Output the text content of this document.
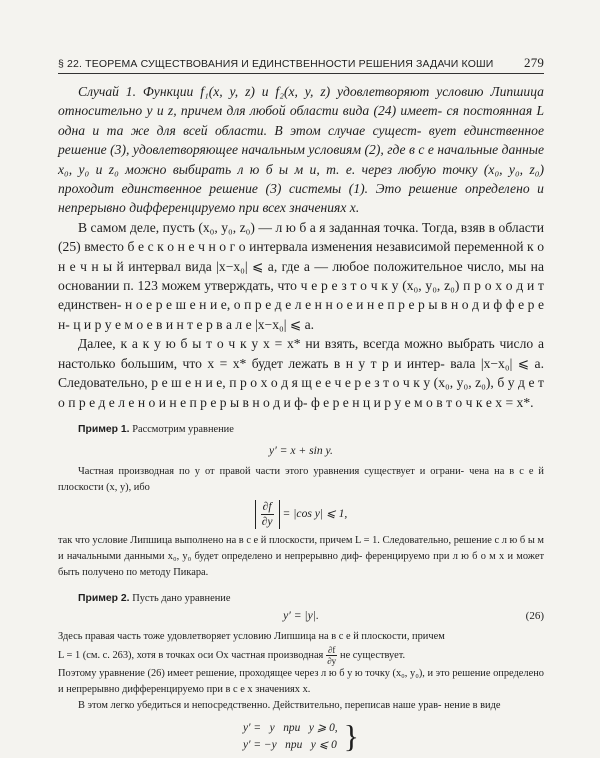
§ 22. ТЕОРЕМА СУЩЕСТВОВАНИЯ И ЕДИНСТВЕННОСТИ РЕШЕНИЯ ЗАДАЧИ КОШИ 279
Случай 1. Функции f₁(x, y, z) и f₂(x, y, z) удовлетворяют условию Липшица относительно y и z, причем для любой области вида (24) имеет- ся постоянная L одна и та же для всей области. В этом случае сущест- вует единственное решение (3), удовлетворяющее начальным условиям (2), где в с е начальные данные x₀, y₀ и z₀ можно выбирать л ю б ы м и, т. е. через любую точку (x₀, y₀, z₀) проходит единственное решение (3) системы (1). Это решение определено и непрерывно дифференцируемо при всех значениях x.
В самом деле, пусть (x₀, y₀, z₀) — л ю б а я заданная точка. Тогда, взяв в области (25) вместо б е с к о н е ч н о г о интервала изменения независимой переменной к о н е ч н ы й интервал вида |x−x₀| ⩽ a, где a — любое положительное число, мы на основании п. 123 можем утверждать, что ч е р е з т о ч к у (x₀, y₀, z₀) п р о х о д и т единствен- н о е р е ш е н и е, о п р е д е л е н н о е и н е п р е р ы в н о д и ф ф е р е н- ц и р у е м о е в и н т е р в а л е |x−x₀| ⩽ a.
Далее, к а к у ю б ы т о ч к у x = x* ни взять, всегда можно выбрать число a настолько большим, что x = x* будет лежать в н у т р и интер- вала |x−x₀| ⩽ a. Следовательно, р е ш е н и е, п р о х о д я щ е е ч е р е з т о ч к у (x₀, y₀, z₀), б у д е т о п р е д е л е н о и н е п р е р ы в н о д и ф- ф е р е н ц и р у е м о в т о ч к е x = x*.

Пример 1. Рассмотрим уравнение

y′ = x + sin y.

Частная производная по y от правой части этого уравнения существует и ограни- чена на в с е й плоскости (x, y), ибо

$\frac{\partial f}{\partial y} = |\cos$ y| ⩽ 1,

так что условие Липшица выполнено на в с е й плоскости, причем L = 1. Следовательно, решение с л ю б ы м и начальными данными x₀, y₀ будет определено и непрерывно диф- ференцируемо при л ю б о м x и может быть получено по методу Пикара.

Пример 2. Пусть дано уравнение

y′ = |y|.	(26)

Здесь правая часть тоже удовлетворяет условию Липшица на в с е й плоскости, причем

L = 1 (см. с. 263), хотя в точках оси Ox частная производная $\frac{\partial f}{\partial y}$ не существует.

Поэтому уравнение (26) имеет решение, проходящее через л ю б у ю точку (x₀, y₀), и это решение определено и непрерывно дифференцируемо при в с е х значениях x.
В этом легко убедиться и непосредственно. Действительно, переписав наше урав- нение в виде
y′ =   y   при   y ⩾ 0,
y′ = −y   при   y ⩽ 0 }
